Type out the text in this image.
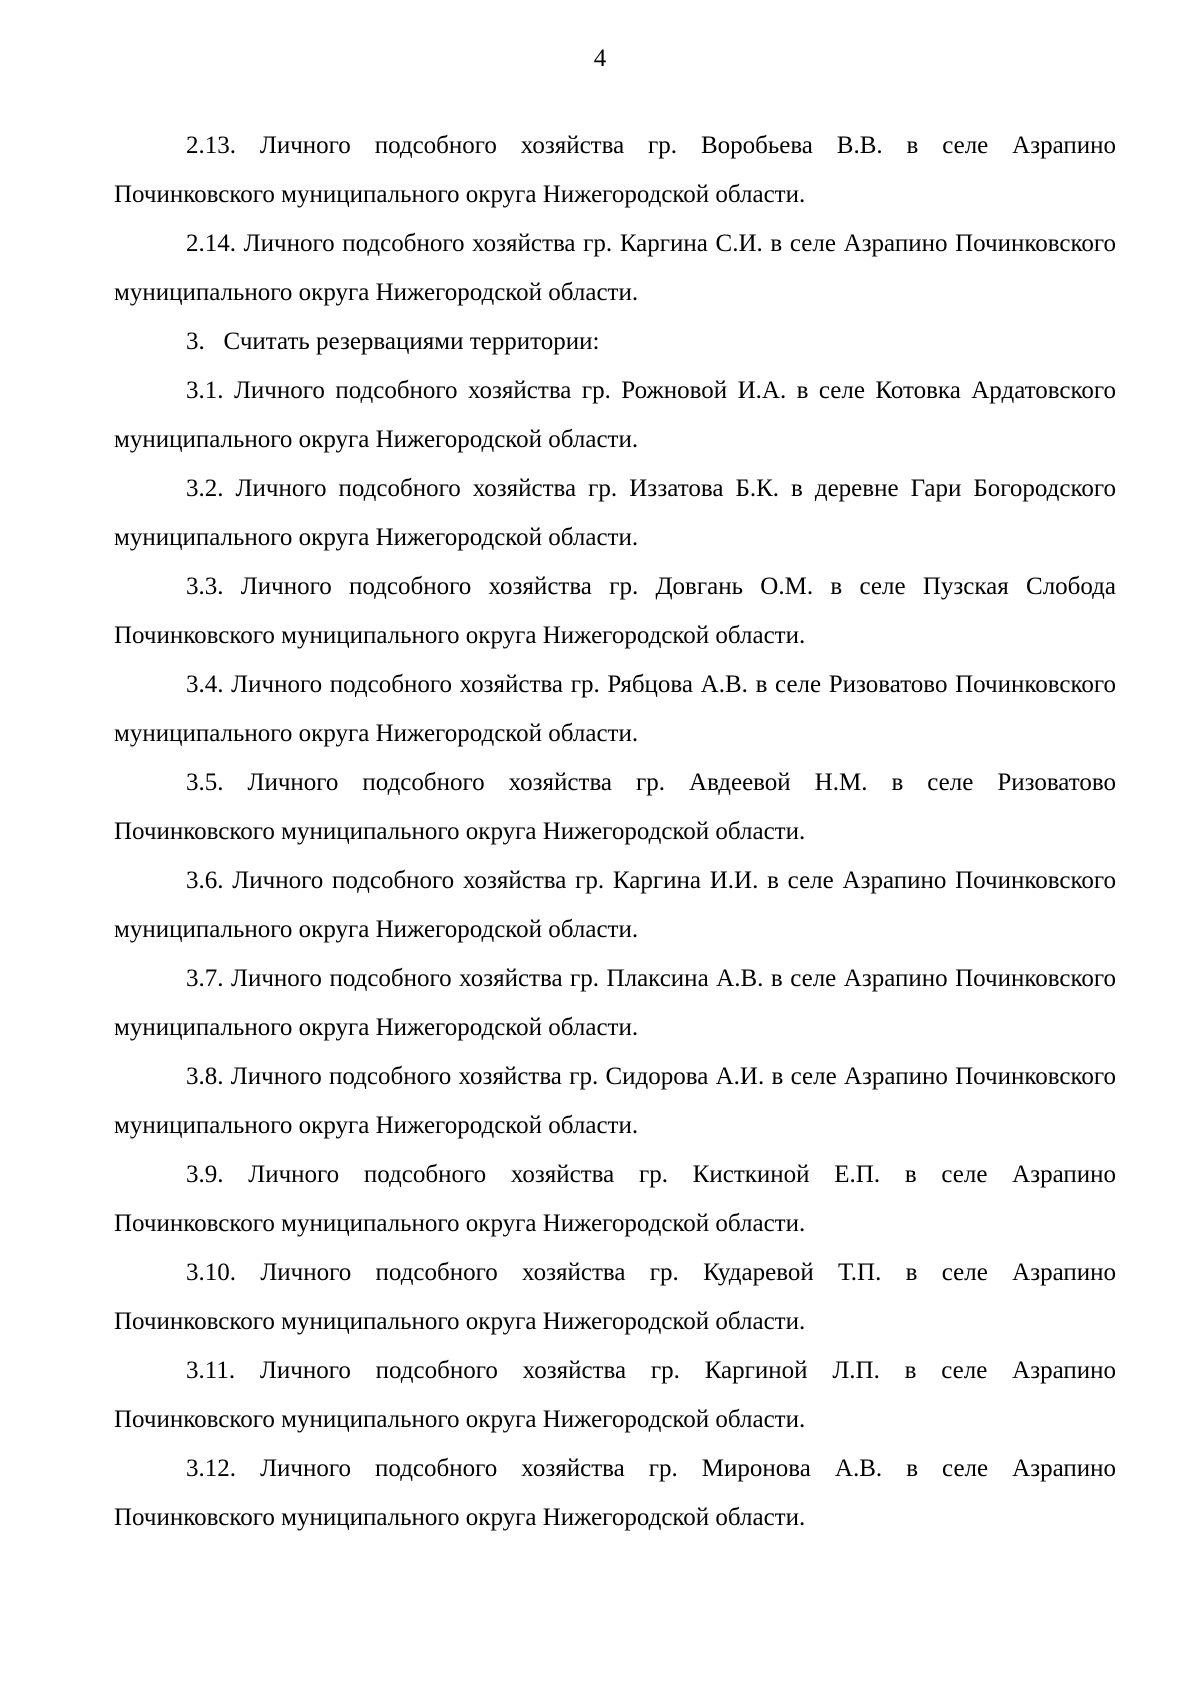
4

2.13. Личного подсобного хозяйства гр. Воробьева В.В. в селе Азрапино Починковского муниципального округа Нижегородской области.

2.14. Личного подсобного хозяйства гр. Каргина С.И. в селе Азрапино Починковского муниципального округа Нижегородской области.

3. Считать резервациями территории:

3.1. Личного подсобного хозяйства гр. Рожновой И.А. в селе Котовка Ардатовского муниципального округа Нижегородской области.

3.2. Личного подсобного хозяйства гр. Иззатова Б.К. в деревне Гари Богородского муниципального округа Нижегородской области.

3.3. Личного подсобного хозяйства гр. Довгань О.М. в селе Пузская Слобода Починковского муниципального округа Нижегородской области.

3.4. Личного подсобного хозяйства гр. Рябцова А.В. в селе Ризоватово Починковского муниципального округа Нижегородской области.

3.5. Личного подсобного хозяйства гр. Авдеевой Н.М. в селе Ризоватово Починковского муниципального округа Нижегородской области.

3.6. Личного подсобного хозяйства гр. Каргина И.И. в селе Азрапино Починковского муниципального округа Нижегородской области.

3.7. Личного подсобного хозяйства гр. Плаксина А.В. в селе Азрапино Починковского муниципального округа Нижегородской области.

3.8. Личного подсобного хозяйства гр. Сидорова А.И. в селе Азрапино Починковского муниципального округа Нижегородской области.

3.9. Личного подсобного хозяйства гр. Кисткиной Е.П. в селе Азрапино Починковского муниципального округа Нижегородской области.

3.10. Личного подсобного хозяйства гр. Кударевой Т.П. в селе Азрапино Починковского муниципального округа Нижегородской области.

3.11. Личного подсобного хозяйства гр. Каргиной Л.П. в селе Азрапино Починковского муниципального округа Нижегородской области.

3.12. Личного подсобного хозяйства гр. Миронова А.В. в селе Азрапино Починковского муниципального округа Нижегородской области.
